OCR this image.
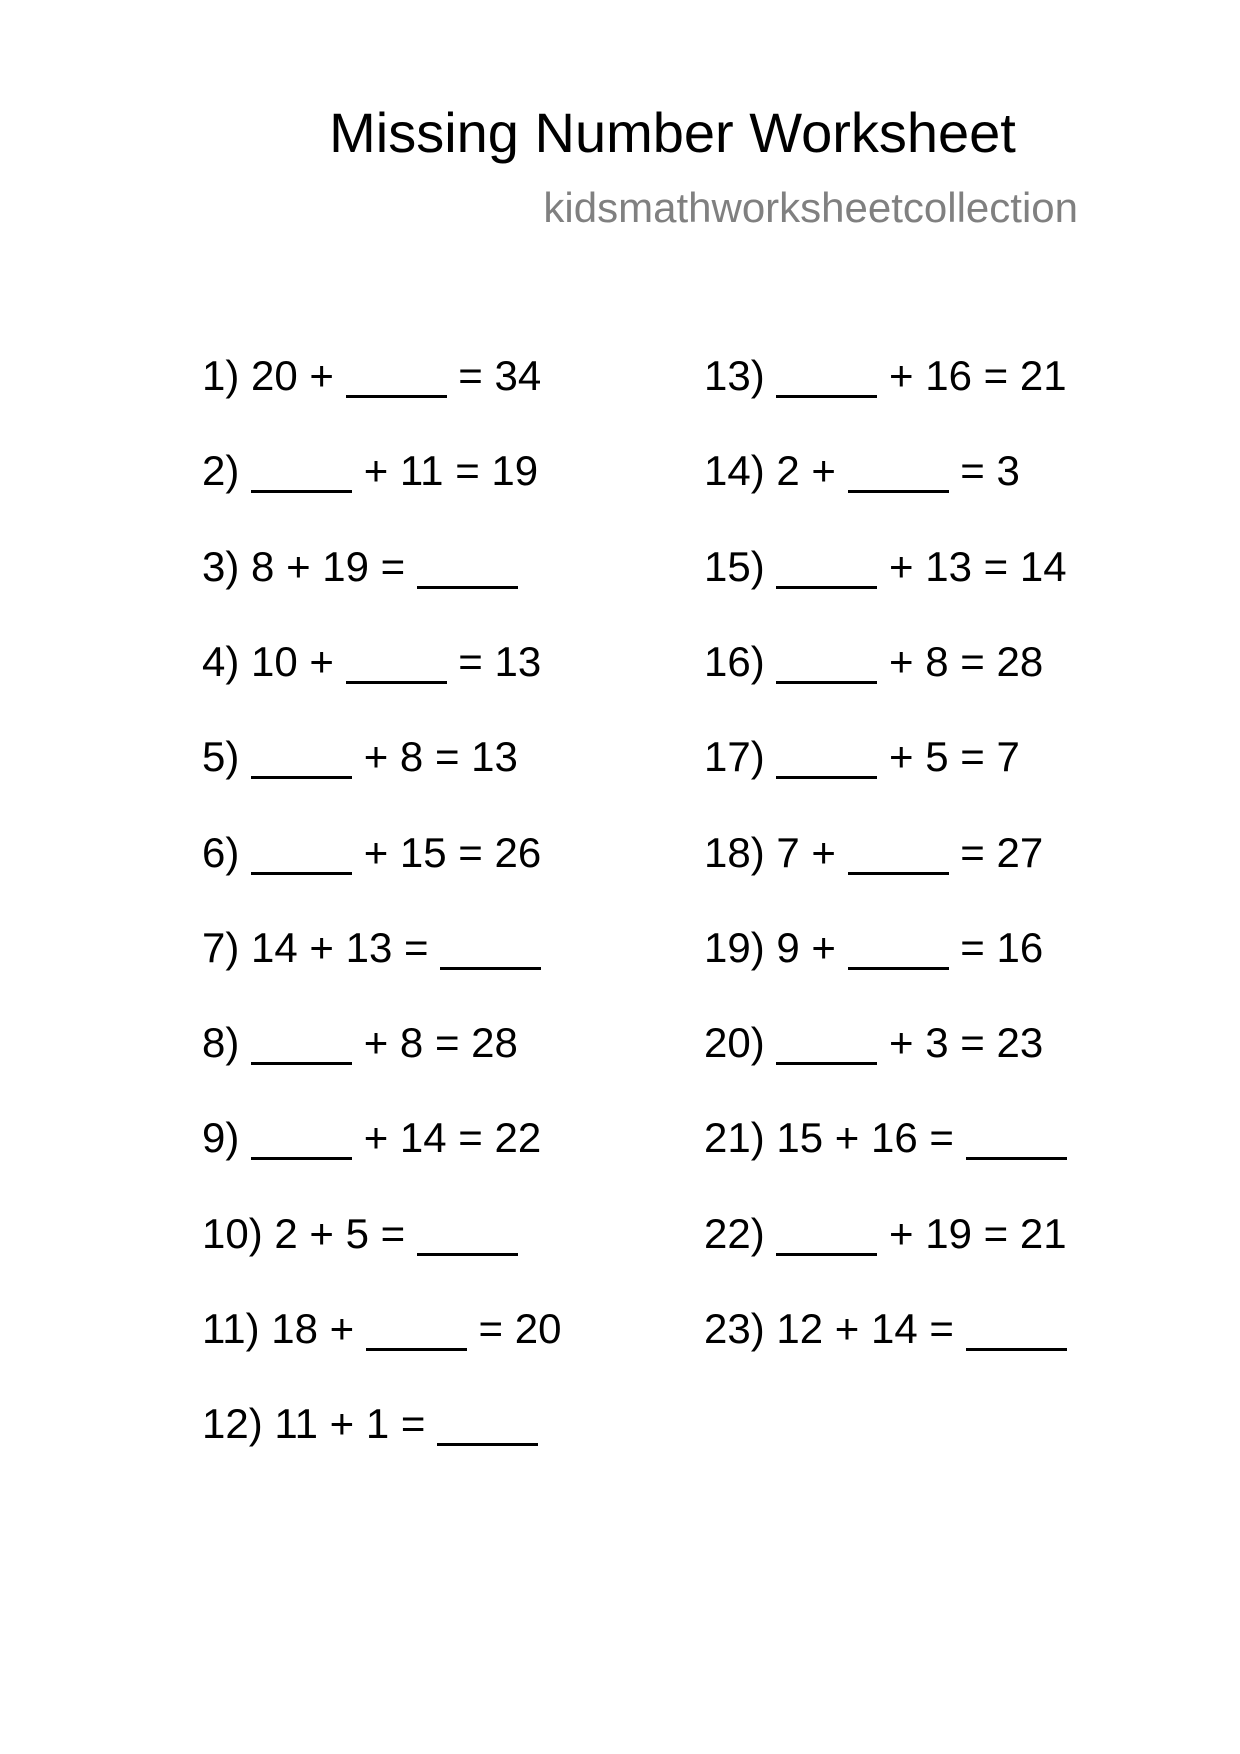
Missing Number Worksheet
kidsmathworksheetcollection
1) 20 +	= 34
2)	+ 11 = 19
3) 8 + 19 =
4) 10 +	= 13
5)	+ 8 = 13
6)	+ 15 = 26
7) 14 + 13 =
8)	+ 8 = 28
9)	+ 14 = 22
10) 2 + 5 =
11) 18 +	= 20
12) 11 + 1 =
13)	+ 16 = 21
14) 2 +	= 3
15)	+ 13 = 14
16)	+ 8 = 28
17)	+ 5 = 7
18) 7 +	= 27
19) 9 +	= 16
20)	+ 3 = 23
21) 15 + 16 =
22)	+ 19 = 21
23) 12 + 14 =
